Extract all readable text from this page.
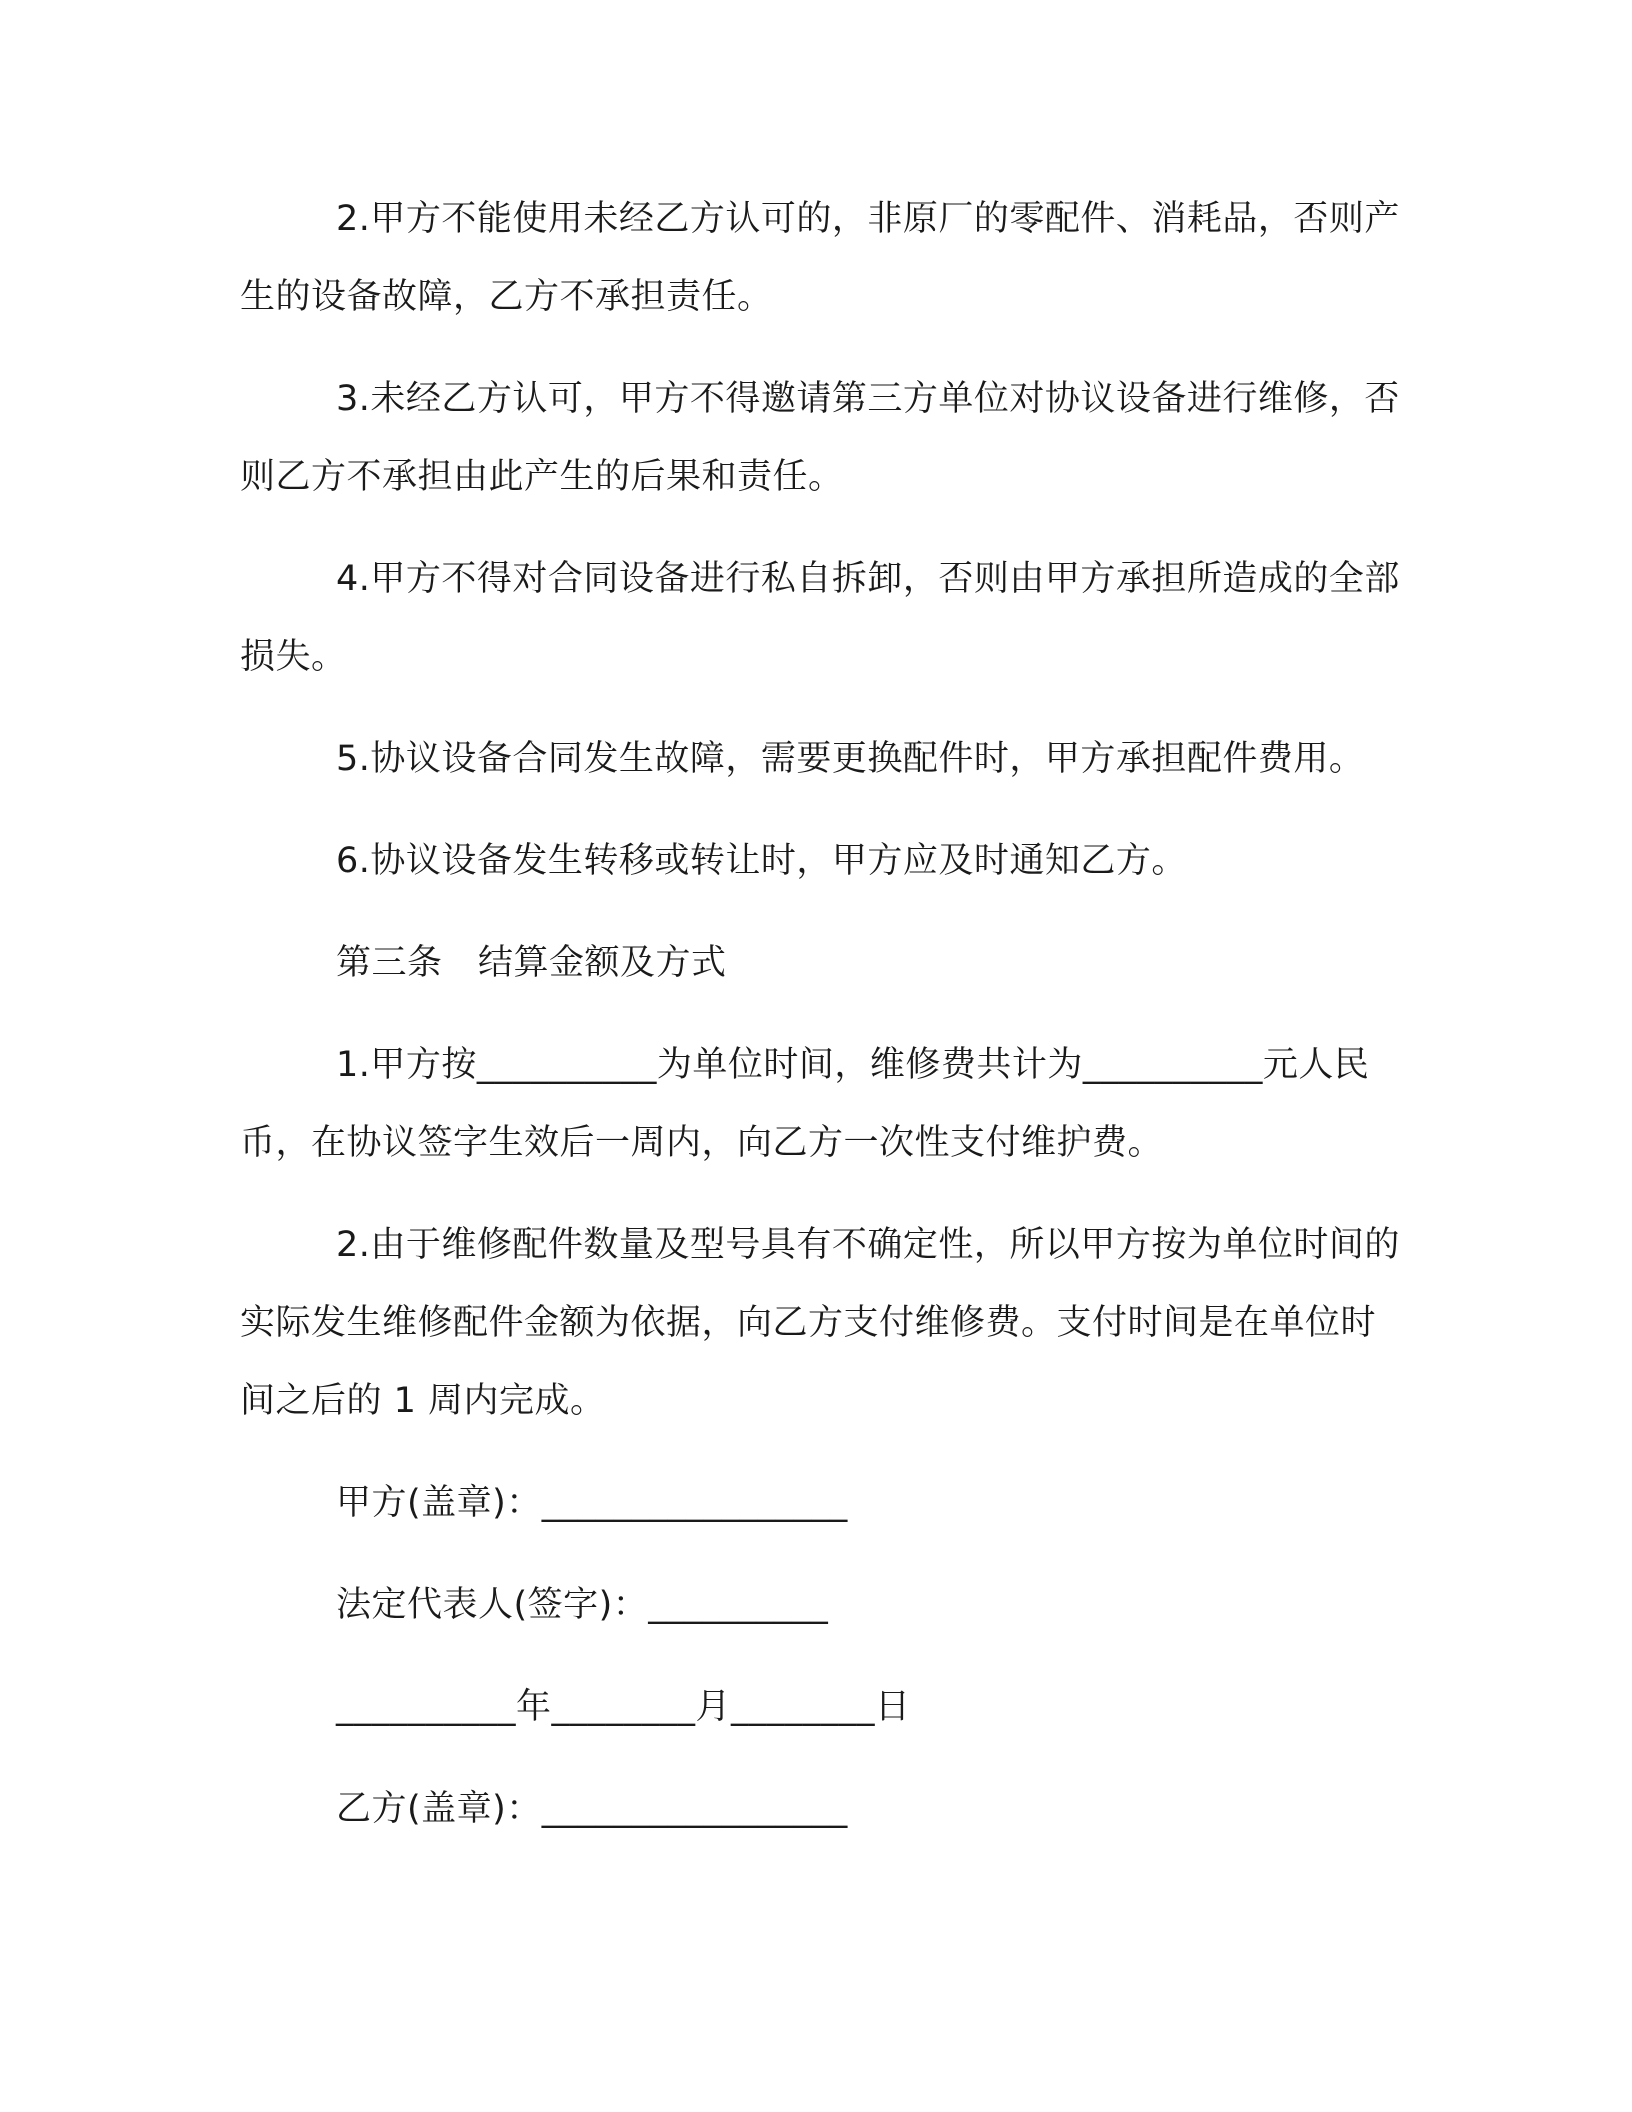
2.甲方不能使用未经乙方认可的，非原厂的零配件、消耗品，否则产生的设备故障，乙方不承担责任。

3.未经乙方认可，甲方不得邀请第三方单位对协议设备进行维修，否则乙方不承担由此产生的后果和责任。

4.甲方不得对合同设备进行私自拆卸，否则由甲方承担所造成的全部损失。

5.协议设备合同发生故障，需要更换配件时，甲方承担配件费用。

6.协议设备发生转移或转让时，甲方应及时通知乙方。

第三条　结算金额及方式

1.甲方按__________为单位时间，维修费共计为__________元人民币，在协议签字生效后一周内，向乙方一次性支付维护费。

2.由于维修配件数量及型号具有不确定性，所以甲方按为单位时间的实际发生维修配件金额为依据，向乙方支付维修费。支付时间是在单位时间之后的 1 周内完成。

甲方(盖章)：_________________

法定代表人(签字)：__________

__________年________月________日

乙方(盖章)：_________________
